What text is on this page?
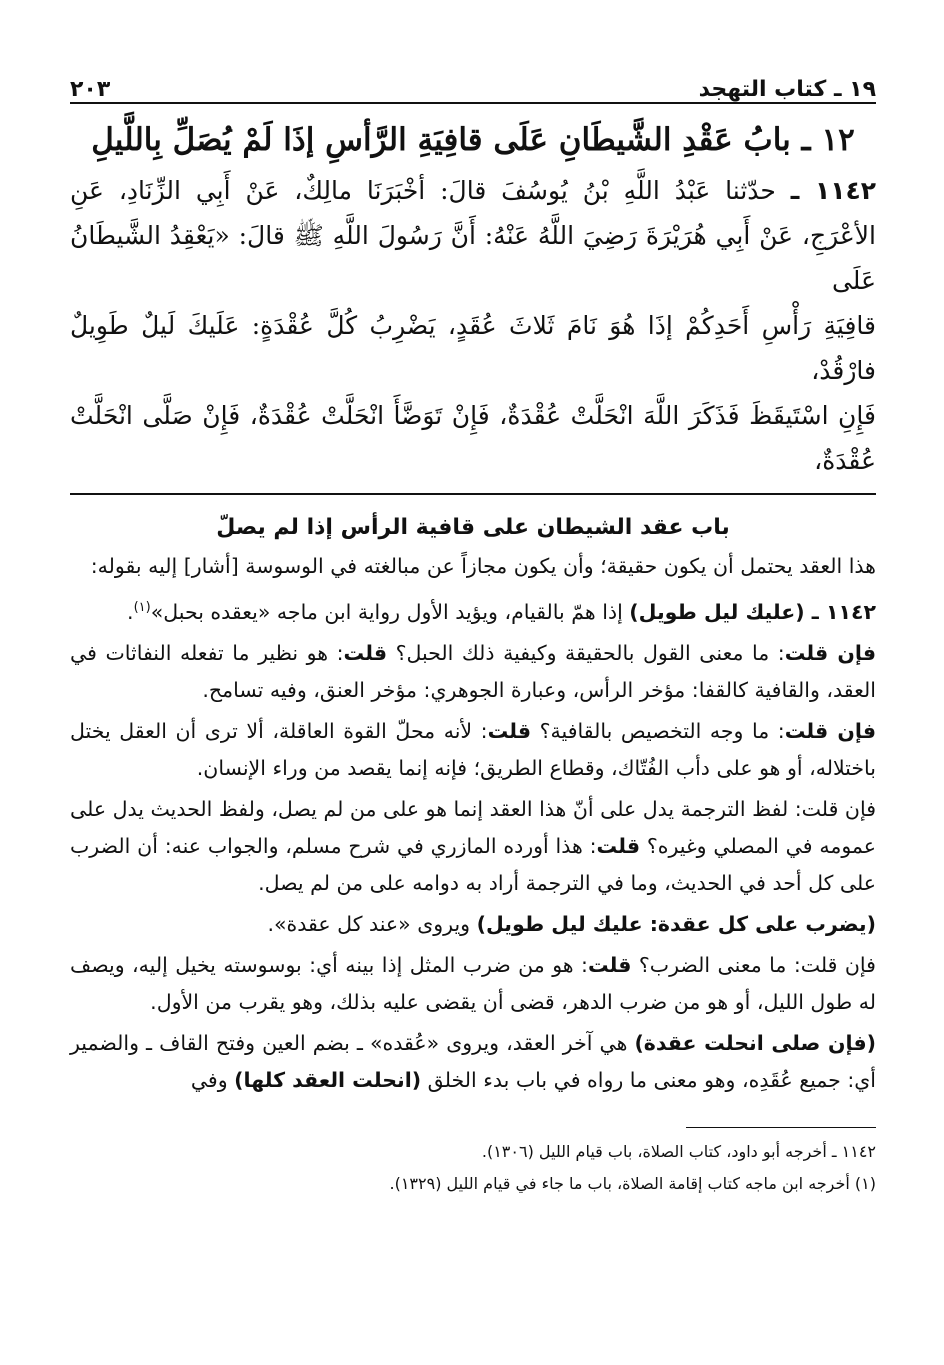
١٩ ـ كتاب التهجد
٢٠٣
١٢ ـ بابُ عَقْدِ الشَّيطَانِ عَلَى قافِيَةِ الرَّأسِ إذَا لَمْ يُصَلِّ بِاللَّيلِ

١١٤٢ ـ حدّثنا عَبْدُ اللَّهِ بْنُ يُوسُفَ قالَ: أخْبَرَنَا مالِكٌ، عَنْ أَبِي الزِّنَادِ، عَنِ

الأعْرَجِ، عَنْ أَبِي هُرَيْرَةَ رَضِيَ اللَّهُ عَنْهُ: أَنَّ رَسُولَ اللَّهِ ﷺ قالَ: «يَعْقِدُ الشَّيطَانُ عَلَى

قافِيَةِ رَأْسِ أَحَدِكُمْ إذَا هُوَ نَامَ ثَلاثَ عُقَدٍ، يَضْرِبُ كُلَّ عُقْدَةٍ: عَلَيكَ لَيلٌ طَوِيلٌ فارْقُدْ،

فَإِنِ اسْتَيقَظَ فَذَكَرَ اللَّهَ انْحَلَّتْ عُقْدَةٌ، فَإِنْ تَوَضَّأَ انْحَلَّتْ عُقْدَةٌ، فَإِنْ صَلَّى انْحَلَّتْ عُقْدَةٌ،

باب عقد الشيطان على قافية الرأس إذا لم يصلّ

هذا العقد يحتمل أن يكون حقيقة؛ وأن يكون مجازاً عن مبالغته في الوسوسة [أشار] إليه بقوله:

١١٤٢ ـ (عليك ليل طويل) إذا همّ بالقيام، ويؤيد الأول رواية ابن ماجه «يعقده بحبل»$^{(١)}$.

فإن قلت: ما معنى القول بالحقيقة وكيفية ذلك الحبل؟ قلت: هو نظير ما تفعله النفاثات في العقد، والقافية كالقفا: مؤخر الرأس، وعبارة الجوهري: مؤخر العنق، وفيه تسامح.

فإن قلت: ما وجه التخصيص بالقافية؟ قلت: لأنه محلّ القوة العاقلة، ألا ترى أن العقل يختل باختلاله، أو هو على دأب الفُتّاك، وقطاع الطريق؛ فإنه إنما يقصد من وراء الإنسان.

فإن قلت: لفظ الترجمة يدل على أنّ هذا العقد إنما هو على من لم يصل، ولفظ الحديث يدل على عمومه في المصلي وغيره؟ قلت: هذا أورده المازري في شرح مسلم، والجواب عنه: أن الضرب على كل أحد في الحديث، وما في الترجمة أراد به دوامه على من لم يصل.

(يضرب على كل عقدة: عليك ليل طويل) ويروى «عند كل عقدة».

فإن قلت: ما معنى الضرب؟ قلت: هو من ضرب المثل إذا بينه أي: بوسوسته يخيل إليه، ويصف له طول الليل، أو هو من ضرب الدهر، قضى أن يقضى عليه بذلك، وهو يقرب من الأول.

(فإن صلى انحلت عقدة) هي آخر العقد، ويروى «عُقده» ـ بضم العين وفتح القاف ـ والضمير أي: جميع عُقَدِه، وهو معنى ما رواه في باب بدء الخلق (انحلت العقد كلها) وفي

١١٤٢ ـ أخرجه أبو داود، كتاب الصلاة، باب قيام الليل (١٣٠٦).

(١) أخرجه ابن ماجه كتاب إقامة الصلاة، باب ما جاء في قيام الليل (١٣٢٩).
